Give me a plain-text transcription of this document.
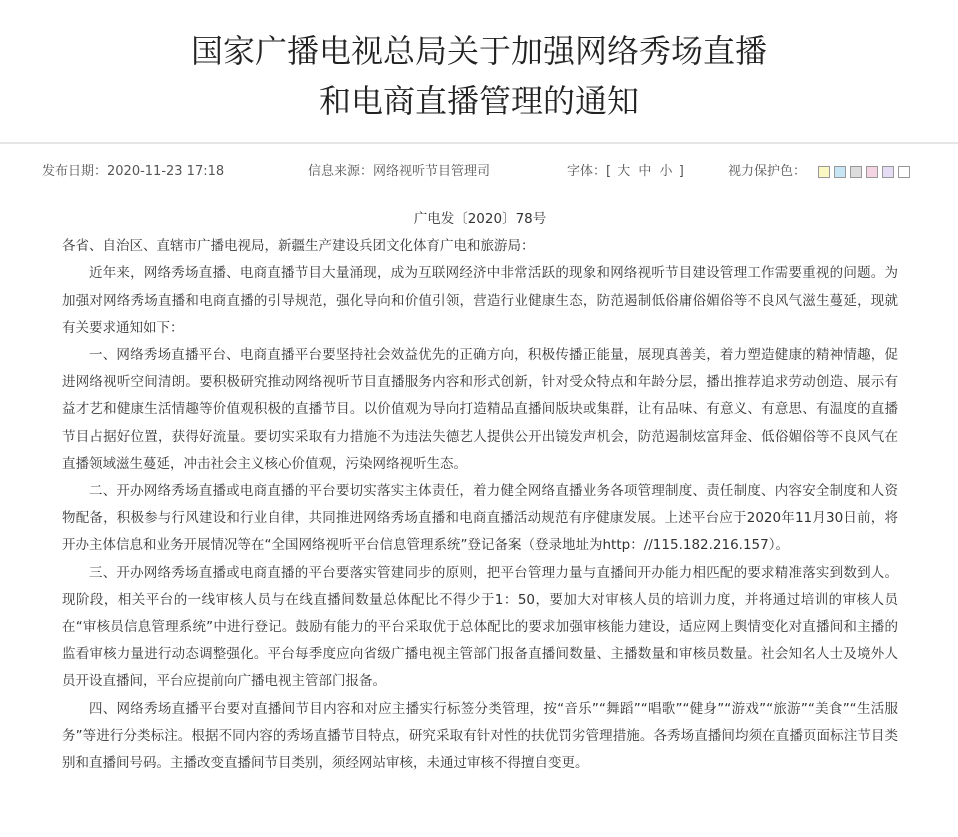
国家广播电视总局关于加强网络秀场直播
和电商直播管理的通知
发布日期：2020-11-23 17:18	信息来源：网络视听节目管理司	字体：[ 大 中 小 ]	视力保护色：

广电发〔2020〕78号

各省、自治区、直辖市广播电视局，新疆生产建设兵团文化体育广电和旅游局：

近年来，网络秀场直播、电商直播节目大量涌现，成为互联网经济中非常活跃的现象和网络视听节目建设管理工作需要重视的问题。为加强对网络秀场直播和电商直播的引导规范，强化导向和价值引领，营造行业健康生态，防范遏制低俗庸俗媚俗等不良风气滋生蔓延，现就有关要求通知如下：

一、网络秀场直播平台、电商直播平台要坚持社会效益优先的正确方向，积极传播正能量，展现真善美，着力塑造健康的精神情趣，促进网络视听空间清朗。要积极研究推动网络视听节目直播服务内容和形式创新，针对受众特点和年龄分层，播出推荐追求劳动创造、展示有益才艺和健康生活情趣等价值观积极的直播节目。以价值观为导向打造精品直播间版块或集群，让有品味、有意义、有意思、有温度的直播节目占据好位置，获得好流量。要切实采取有力措施不为违法失德艺人提供公开出镜发声机会，防范遏制炫富拜金、低俗媚俗等不良风气在直播领域滋生蔓延，冲击社会主义核心价值观，污染网络视听生态。

二、开办网络秀场直播或电商直播的平台要切实落实主体责任，着力健全网络直播业务各项管理制度、责任制度、内容安全制度和人资物配备，积极参与行风建设和行业自律，共同推进网络秀场直播和电商直播活动规范有序健康发展。上述平台应于2020年11月30日前，将开办主体信息和业务开展情况等在“全国网络视听平台信息管理系统”登记备案（登录地址为http：//115.182.216.157）。

三、开办网络秀场直播或电商直播的平台要落实管建同步的原则，把平台管理力量与直播间开办能力相匹配的要求精准落实到数到人。现阶段，相关平台的一线审核人员与在线直播间数量总体配比不得少于1：50，要加大对审核人员的培训力度，并将通过培训的审核人员在“审核员信息管理系统”中进行登记。鼓励有能力的平台采取优于总体配比的要求加强审核能力建设，适应网上舆情变化对直播间和主播的监看审核力量进行动态调整强化。平台每季度应向省级广播电视主管部门报备直播间数量、主播数量和审核员数量。社会知名人士及境外人员开设直播间，平台应提前向广播电视主管部门报备。

四、网络秀场直播平台要对直播间节目内容和对应主播实行标签分类管理，按“音乐”“舞蹈”“唱歌”“健身”“游戏”“旅游”“美食”“生活服务”等进行分类标注。根据不同内容的秀场直播节目特点，研究采取有针对性的扶优罚劣管理措施。各秀场直播间均须在直播页面标注节目类别和直播间号码。主播改变直播间节目类别，须经网站审核，未通过审核不得擅自变更。
